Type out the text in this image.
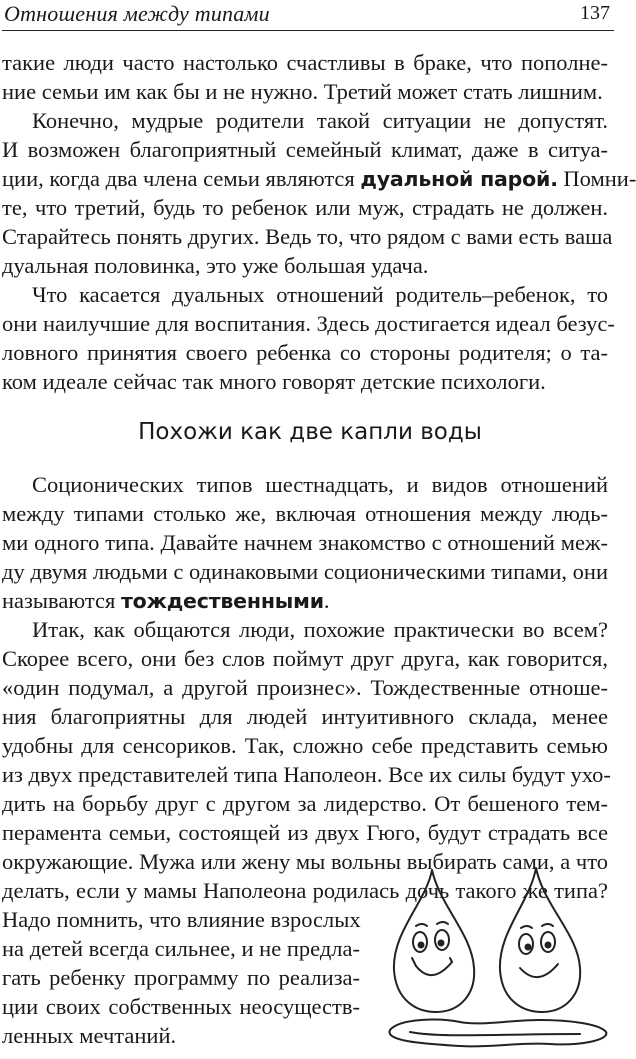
Отношения между типами	137
такие люди часто настолько счастливы в браке, что пополне-
ние семьи им как бы и не нужно. Третий может стать лишним.
Конечно, мудрые родители такой ситуации не допустят.
И возможен благоприятный семейный климат, даже в ситуа-
ции, когда два члена семьи являются дуальной парой. Помни-
те, что третий, будь то ребенок или муж, страдать не должен.
Старайтесь понять других. Ведь то, что рядом с вами есть ваша
дуальная половинка, это уже большая удача.
Что касается дуальных отношений родитель–ребенок, то
они наилучшие для воспитания. Здесь достигается идеал безус-
ловного принятия своего ребенка со стороны родителя; о та-
ком идеале сейчас так много говорят детские психологи.
Похожи как две капли воды
Соционических типов шестнадцать, и видов отношений
между типами столько же, включая отношения между людь-
ми одного типа. Давайте начнем знакомство с отношений меж-
ду двумя людьми с одинаковыми соционическими типами, они
называются тождественными.
Итак, как общаются люди, похожие практически во всем?
Скорее всего, они без слов поймут друг друга, как говорится,
«один подумал, а другой произнес». Тождественные отноше-
ния благоприятны для людей интуитивного склада, менее
удобны для сенсориков. Так, сложно себе представить семью
из двух представителей типа Наполеон. Все их силы будут ухо-
дить на борьбу друг с другом за лидерство. От бешеного тем-
перамента семьи, состоящей из двух Гюго, будут страдать все
окружающие. Мужа или жену мы вольны выбирать сами, а что
делать, если у мамы Наполеона родилась дочь такого же типа?
Надо помнить, что влияние взрослых
на детей всегда сильнее, и не предла-
гать ребенку программу по реализа-
ции своих собственных неосуществ-
ленных мечтаний.
